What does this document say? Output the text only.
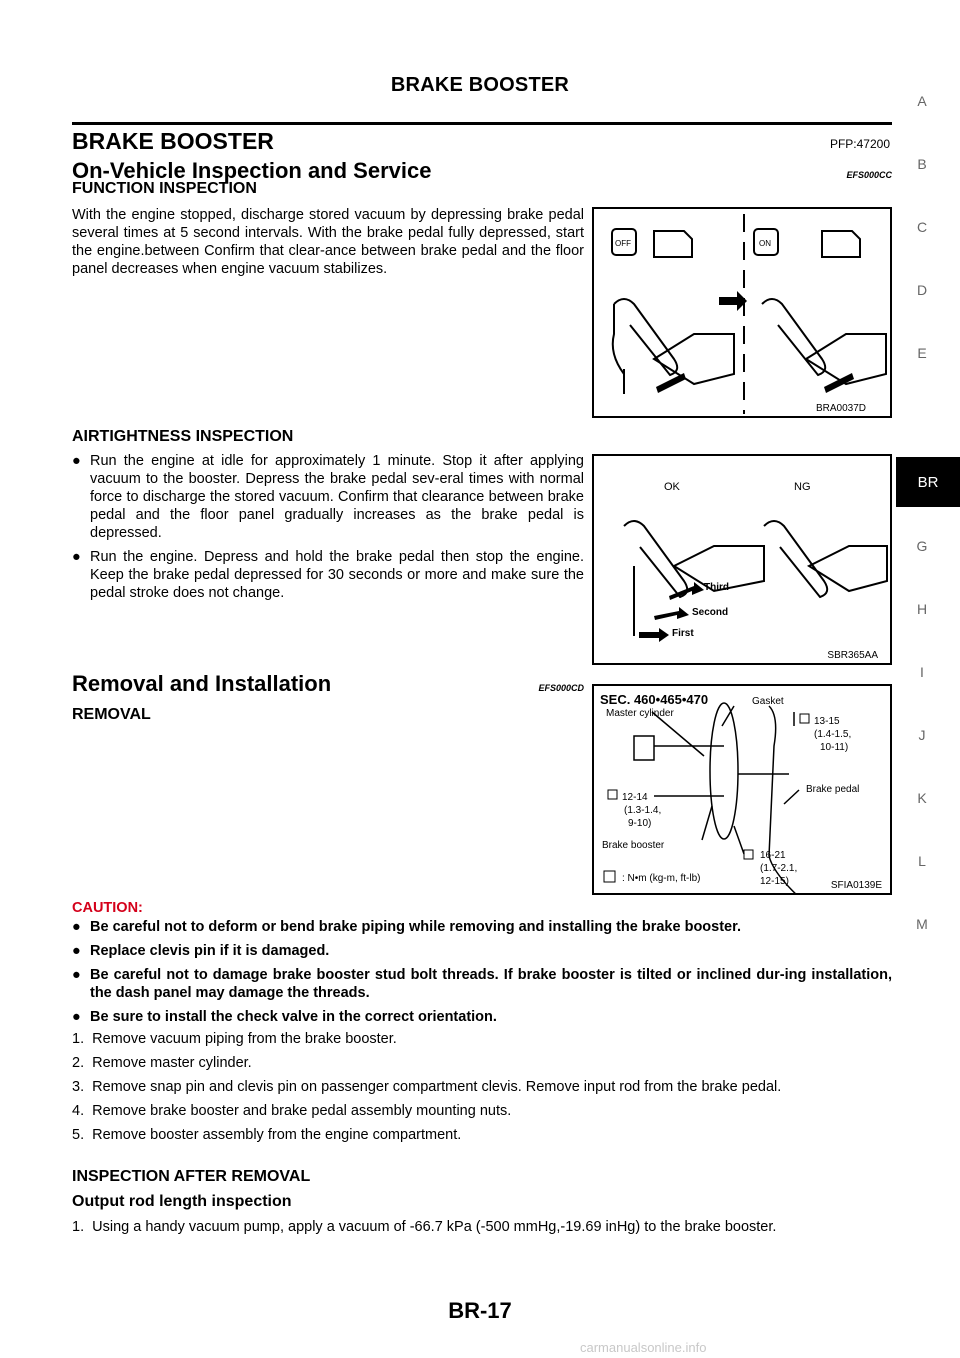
BRAKE BOOSTER
BRAKE BOOSTER	PFP:47200
On-Vehicle Inspection and Service	EFS000CC
FUNCTION INSPECTION
With the engine stopped, discharge stored vacuum by depressing brake pedal several times at 5 second intervals. With the brake pedal fully depressed, start the engine.between Confirm that clear-ance between brake pedal and the floor panel decreases when engine vacuum stabilizes.
OFF	ON
BRA0037D
AIRTIGHTNESS INSPECTION
● Run the engine at idle for approximately 1 minute. Stop it after applying vacuum to the booster. Depress the brake pedal sev-eral times with normal force to discharge the stored vacuum. Confirm that clearance between brake pedal and the floor panel gradually increases as the brake pedal is depressed.
● Run the engine. Depress and hold the brake pedal then stop the engine. Keep the brake pedal depressed for 30 seconds or more and make sure the pedal stroke does not change.
OK	NG
Third
Second
First
SBR365AA
Removal and Installation	EFS000CD
REMOVAL
SEC. 460•465•470
Master cylinder
Gasket
13-15
(1.4-1.5,
10-11)
Brake pedal
12-14
(1.3-1.4,
9-10)
Brake booster
16-21
(1.7-2.1,
12-15)
: N•m (kg-m, ft-lb)
SFIA0139E
CAUTION:
● Be careful not to deform or bend brake piping while removing and installing the brake booster.
● Replace clevis pin if it is damaged.
● Be careful not to damage brake booster stud bolt threads. If brake booster is tilted or inclined dur-ing installation, the dash panel may damage the threads.
● Be sure to install the check valve in the correct orientation.
1.  Remove vacuum piping from the brake booster.
2.  Remove master cylinder.
3.  Remove snap pin and clevis pin on passenger compartment clevis. Remove input rod from the brake pedal.
4.  Remove brake booster and brake pedal assembly mounting nuts.
5.  Remove booster assembly from the engine compartment.
INSPECTION AFTER REMOVAL
Output rod length inspection
1.  Using a handy vacuum pump, apply a vacuum of -66.7 kPa (-500 mmHg,-19.69 inHg) to the brake booster.
A
B
C
D
E
BR
G
H
I
J
K
L
M
BR-17
carmanualsonline.info
